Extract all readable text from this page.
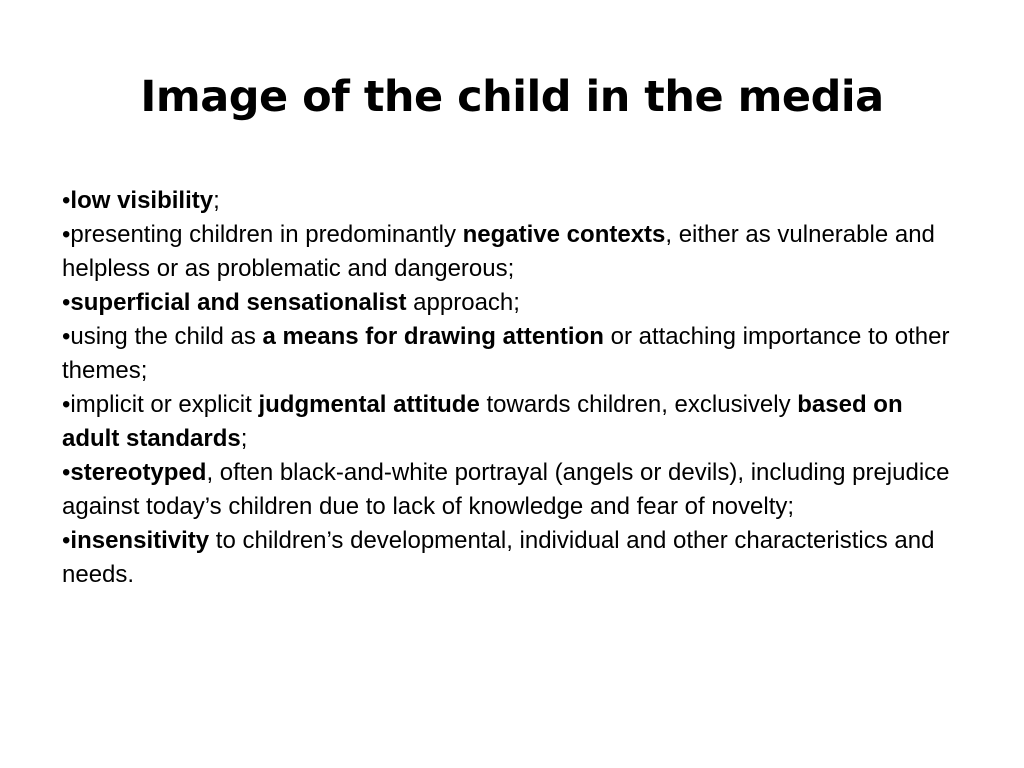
Image of the child in the media
•low visibility;
•presenting children in predominantly negative contexts, either as vulnerable and helpless or as problematic and dangerous;
•superficial and sensationalist approach;
•using the child as a means for drawing attention or attaching importance to other themes;
•implicit or explicit judgmental attitude towards children, exclusively based on adult standards;
•stereotyped, often black-and-white portrayal (angels or devils), including prejudice against today’s children due to lack of knowledge and fear of novelty;
•insensitivity to children’s developmental, individual and other characteristics and needs.
